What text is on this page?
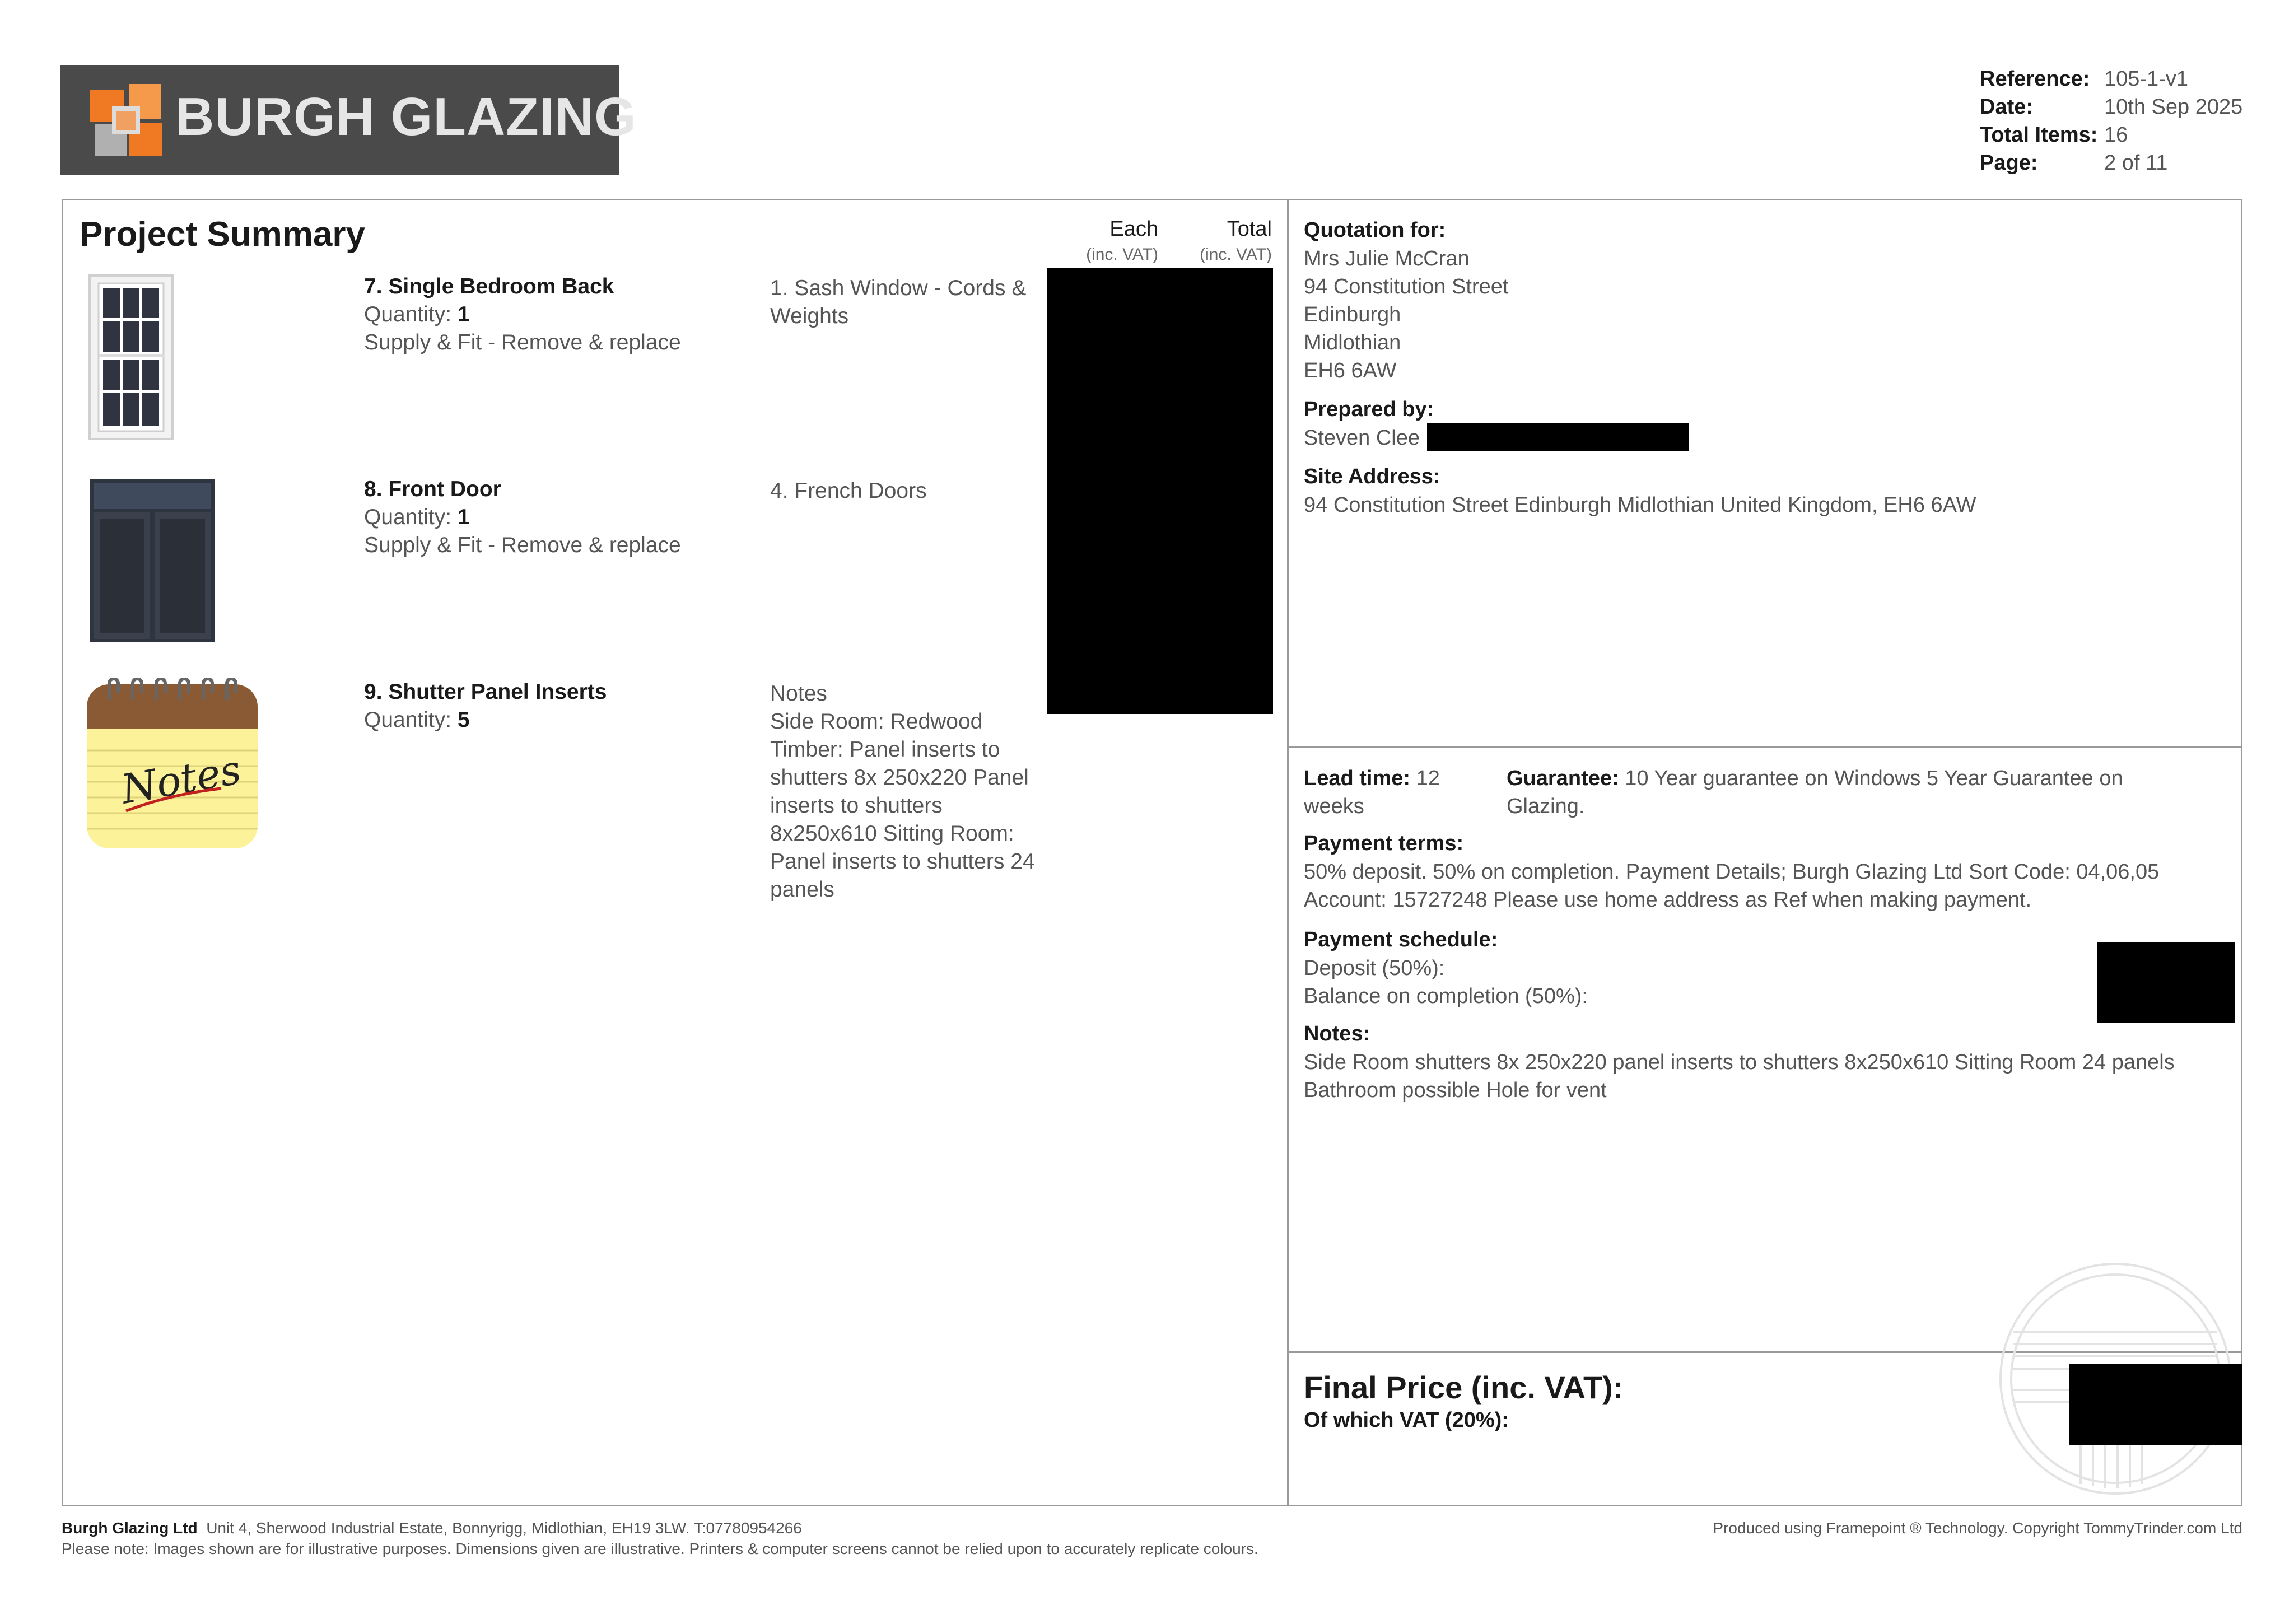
BURGH GLAZING
Reference: 105-1-v1
Date:	10th Sep 2025
Total Items: 16
Page:	2 of 11
Project Summary	Each
(inc. VAT)
Total
(inc. VAT)
7. Single Bedroom Back
Quantity: 1
Supply & Fit - Remove & replace
1. Sash Window - Cords & Weights
8. Front Door
Quantity: 1
Supply & Fit - Remove & replace
4. French Doors
Notes
9. Shutter Panel Inserts
Quantity: 5
Notes
Side Room: Redwood Timber: Panel inserts to shutters 8x 250x220 Panel inserts to shutters 8x250x610 Sitting Room: Panel inserts to shutters 24 panels
Quotation for:
Mrs Julie McCran
94 Constitution Street
Edinburgh
Midlothian
EH6 6AW
Prepared by:
Steven Clee
Site Address:
94 Constitution Street Edinburgh Midlothian United Kingdom, EH6 6AW
Lead time: 12
weeks
Guarantee: 10 Year guarantee on Windows 5 Year Guarantee on
Glazing.
Payment terms:
50% deposit. 50% on completion. Payment Details; Burgh Glazing Ltd Sort Code: 04,06,05
Account: 15727248 Please use home address as Ref when making payment.
Payment schedule:
Deposit (50%):
Balance on completion (50%):
Notes:
Side Room shutters 8x 250x220 panel inserts to shutters 8x250x610 Sitting Room 24 panels
Bathroom possible Hole for vent
Final Price (inc. VAT):
Of which VAT (20%):
Burgh Glazing Ltd Unit 4, Sherwood Industrial Estate, Bonnyrigg, Midlothian, EH19 3LW. T:07780954266
Please note: Images shown are for illustrative purposes. Dimensions given are illustrative. Printers & computer screens cannot be relied upon to accurately replicate colours.
Produced using Framepoint ® Technology. Copyright TommyTrinder.com Ltd
